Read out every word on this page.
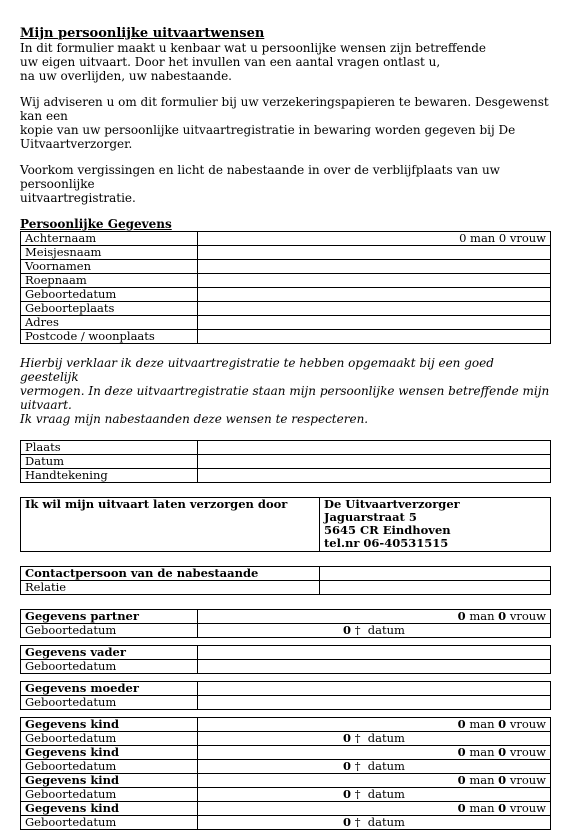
Mijn persoonlijke uitvaartwensen

In dit formulier maakt u kenbaar wat u persoonlijke wensen zijn betreffende

uw eigen uitvaart. Door het invullen van een aantal vragen ontlast u,

na uw overlijden, uw nabestaande.

Wij adviseren u om dit formulier bij uw verzekeringspapieren te bewaren. Desgewenst kan een

kopie van uw persoonlijke uitvaartregistratie in bewaring worden gegeven bij De

Uitvaartverzorger.

Voorkom vergissingen en licht de nabestaande in over de verblijfplaats van uw persoonlijke

uitvaartregistratie.

Persoonlijke Gegevens
Achternaam	0 man 0 vrouw
Meisjesnaam	
Voornamen	
Roepnaam	
Geboortedatum	
Geboorteplaats	
Adres	
Postcode / woonplaats	

Hierbij verklaar ik deze uitvaartregistratie te hebben opgemaakt bij een goed geestelijk

vermogen. In deze uitvaartregistratie staan mijn persoonlijke wensen betreffende mijn uitvaart.

Ik vraag mijn nabestaanden deze wensen te respecteren.

Plaats	
Datum	
Handtekening	
Ik wil mijn uitvaart laten verzorgen door	De Uitvaartverzorger
Jaguarstraat 5
5645 CR Eindhoven
tel.nr 06-40531515
Contactpersoon van de nabestaande	
Relatie	
Gegevens partner	0 man 0 vrouw
Geboortedatum	0 † datum

Gegevens vader	
Geboortedatum	

Gegevens moeder	
Geboortedatum	

Gegevens kind	0 man 0 vrouw
Geboortedatum	0 † datum
Gegevens kind	0 man 0 vrouw
Geboortedatum	0 † datum
Gegevens kind	0 man 0 vrouw
Geboortedatum	0 † datum
Gegevens kind	0 man 0 vrouw
Geboortedatum	0 † datum
